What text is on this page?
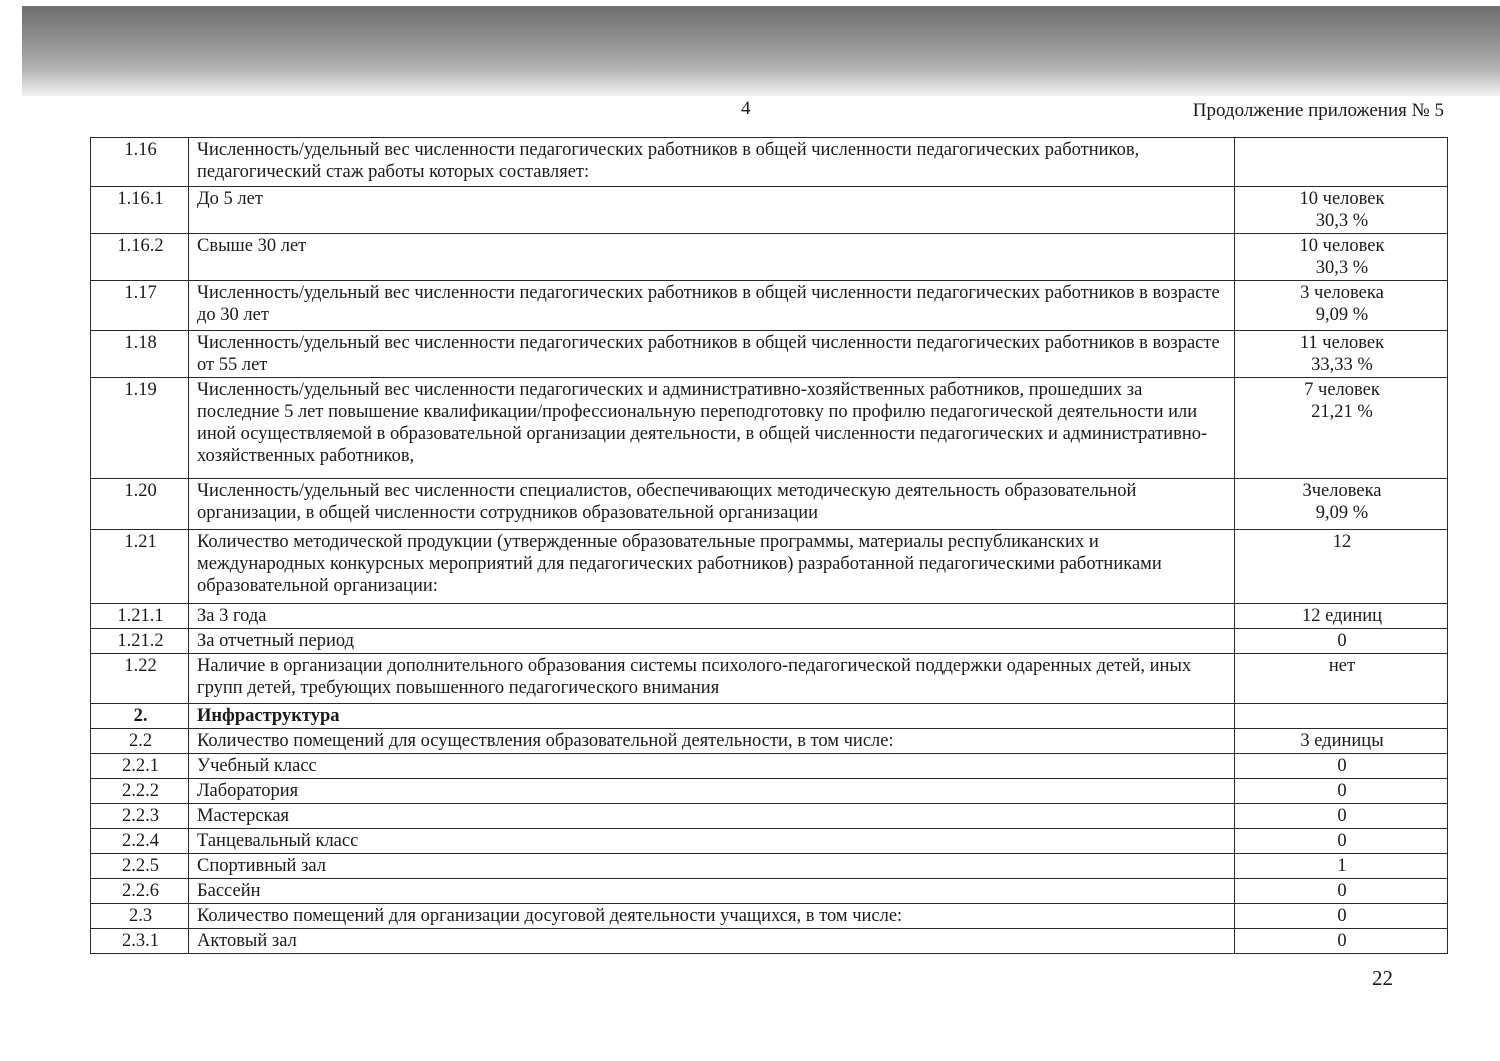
4	Продолжение приложения № 5
1.16	Численность/удельный вес численности педагогических работников в общей численности педагогических работников, педагогический стаж работы которых составляет:	
1.16.1	До 5 лет	10 человек
30,3 %
1.16.2	Свыше 30 лет	10 человек
30,3 %
1.17	Численность/удельный вес численности педагогических работников в общей численности педагогических работников в возрасте до 30 лет	3 человека
9,09 %
1.18	Численность/удельный вес численности педагогических работников в общей численности педагогических работников в возрасте от 55 лет	11 человек
33,33 %
1.19	Численность/удельный вес численности педагогических и административно-хозяйственных работников, прошедших за последние 5 лет повышение квалификации/профессиональную переподготовку по профилю педагогической деятельности или иной осуществляемой в образовательной организации деятельности, в общей численности педагогических и административно-хозяйственных работников,	7 человек
21,21 %
1.20	Численность/удельный вес численности специалистов, обеспечивающих методическую деятельность образовательной организации, в общей численности сотрудников образовательной организации	3человека
9,09 %
1.21	Количество методической продукции (утвержденные образовательные программы, материалы республиканских и международных конкурсных мероприятий для педагогических работников) разработанной педагогическими работниками образовательной организации:	12
1.21.1	За 3 года	12 единиц
1.21.2	За отчетный период	0
1.22	Наличие в организации дополнительного образования системы психолого-педагогической поддержки одаренных детей, иных групп детей, требующих повышенного педагогического внимания	нет
2.	Инфраструктура	
2.2	Количество помещений для осуществления образовательной деятельности, в том числе:	3 единицы
2.2.1	Учебный класс	0
2.2.2	Лаборатория	0
2.2.3	Мастерская	0
2.2.4	Танцевальный класс	0
2.2.5	Спортивный зал	1
2.2.6	Бассейн	0
2.3	Количество помещений для организации досуговой деятельности учащихся, в том числе:	0
2.3.1	Актовый зал	0
22
